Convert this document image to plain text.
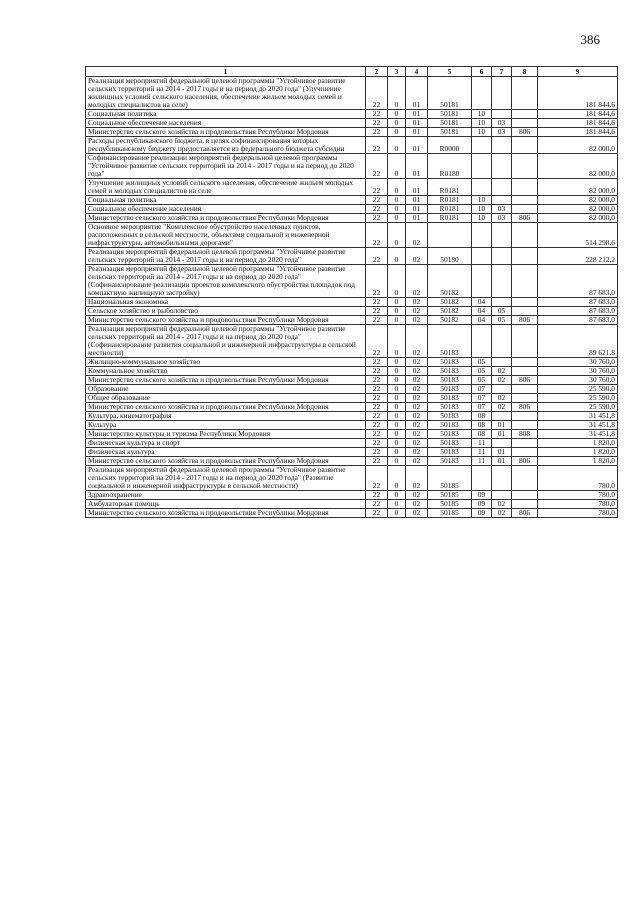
386
1	2	3	4	5	6	7	8	9
Реализация мероприятий федеральной целевой программы "Устойчивое развитие сельских территорий на 2014 - 2017 годы и на период до 2020 года" (Улучшение жилищных условий сельского населения, обеспечение жильем молодых семей и молодых специалистов на селе)	22	0	01	50181				181 844,6
Социальная политика	22	0	01	50181	10			181 844,6
Социальное обеспечение населения	22	0	01	50181	10	03		181 844,6
Министерство сельского хозяйства и продовольствия Республики Мордовия	22	0	01	50181	10	03	806	181 844,6
Расходы республиканского бюджета, в целях софинансирования которых республиканскому бюджету предоставляется из федерального бюджета субсидии	22	0	01	R0000				82 000,0
Софинансирование реализации мероприятий федеральной целевой программы "Устойчивое развитие сельских территорий на 2014 - 2017 годы и на период до 2020 года"	22	0	01	R0180				82 000,0
Улучшение жилищных условий сельского населения, обеспечение жильем молодых семей и молодых специалистов на селе	22	0	01	R0181				82 000,0
Социальная политика	22	0	01	R0181	10			82 000,0
Социальное обеспечение населения	22	0	01	R0181	10	03		82 000,0
Министерство сельского хозяйства и продовольствия Республики Мордовия	22	0	01	R0181	10	03	806	82 000,0
Основное мероприятие "Комплексное обустройство населенных пунктов, расположенных в сельской местности, объектами социальной и инженерной инфраструктуры, автомобильными дорогами"	22	0	02					514 298,6
Реализация мероприятий федеральной целевой программы "Устойчивое развитие сельских территорий на 2014 - 2017 годы и на период до 2020 года"	22	0	02	50180				228 212,2
Реализация мероприятий федеральной целевой программы "Устойчивое развитие сельских территорий на 2014 - 2017 годы и на период до 2020 года" (Софинансирование реализации проектов комплексного обустройства площадок под компактную жилищную застройку)	22	0	02	50182				87 683,0
Национальная экономика	22	0	02	50182	04			87 683,0
Сельское хозяйство и рыболовство	22	0	02	50182	04	05		87 683,0
Министерство сельского хозяйства и продовольствия Республики Мордовия	22	0	02	50182	04	05	806	87 683,0
Реализация мероприятий федеральной целевой программы "Устойчивое развитие сельских территорий на 2014 - 2017 годы и на период до 2020 года" (Софинансирование развития социальной и инженерной инфраструктуры в сельской местности)	22	0	02	50183				89 621,8
Жилищно-коммунальное хозяйство	22	0	02	50183	05			30 760,0
Коммунальное хозяйство	22	0	02	50183	05	02		30 760,0
Министерство сельского хозяйства и продовольствия Республики Мордовия	22	0	02	50183	05	02	806	30 760,0
Образование	22	0	02	50183	07			25 590,0
Общее образование	22	0	02	50183	07	02		25 590,0
Министерство сельского хозяйства и продовольствия Республики Мордовия	22	0	02	50183	07	02	806	25 590,0
Культура, кинематография	22	0	02	50183	08			31 451,8
Культура	22	0	02	50183	08	01		31 451,8
Министерство культуры и туризма Республики Мордовия	22	0	02	50183	08	01	808	31 451,8
Физическая культура и спорт	22	0	02	50183	11			1 820,0
Физическая культура	22	0	02	50183	11	01		1 820,0
Министерство сельского хозяйства и продовольствия Республики Мордовия	22	0	02	50183	11	01	806	1 820,0
Реализация мероприятий федеральной целевой программы "Устойчивое развитие сельских территорий на 2014 - 2017 годы и на период до 2020 года" (Развитие социальной и инженерной инфраструктуры в сельской местности)	22	0	02	50185				780,0
Здравоохранение	22	0	02	50185	09			780,0
Амбулаторная помощь	22	0	02	50185	09	02		780,0
Министерство сельского хозяйства и продовольствия Республики Мордовия	22	0	02	50185	09	02	806	780,0
